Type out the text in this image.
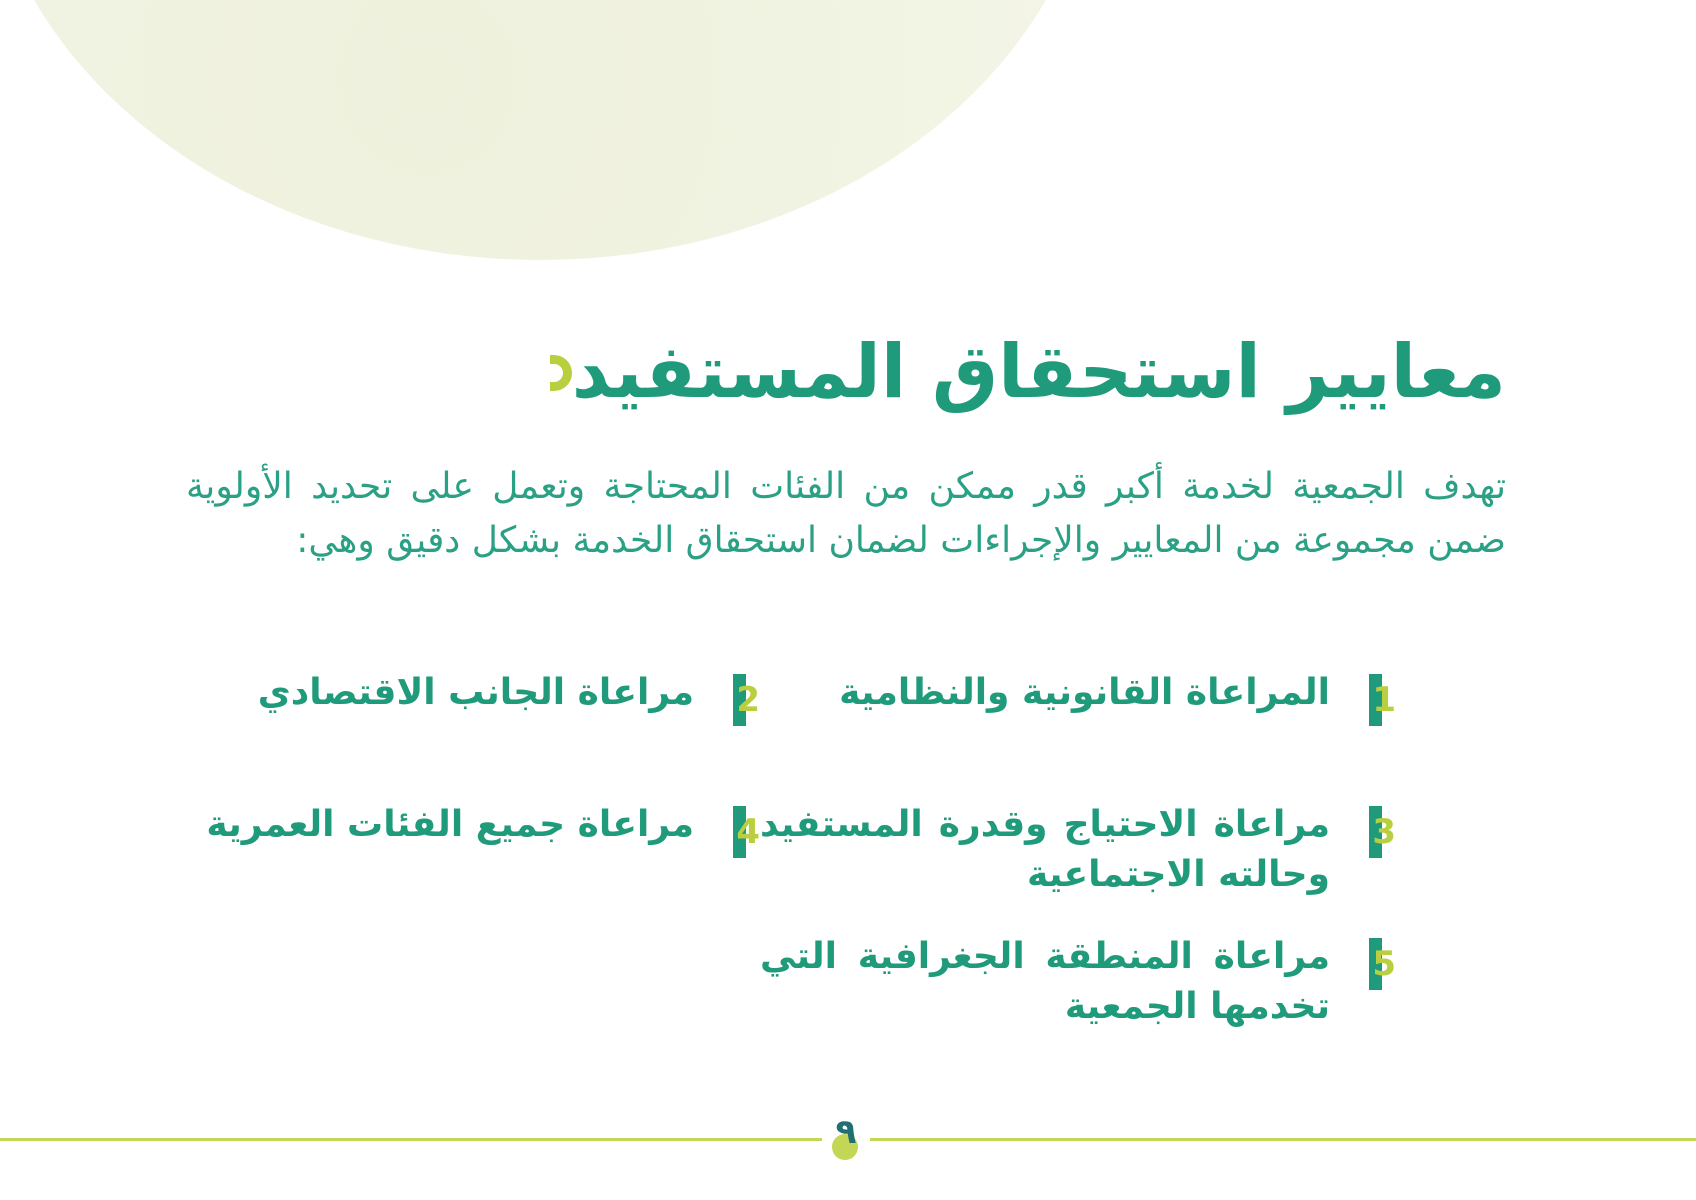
معايير استحقاق المستفيد

تهدف الجمعية لخدمة أكبر قدر ممكن من الفئات المحتاجة وتعمل على تحديد الأولوية ضمن مجموعة من المعايير والإجراءات لضمان استحقاق الخدمة بشكل دقيق وهي:

1
المراعاة القانونية والنظامية
2
مراعاة الجانب الاقتصادي
3
مراعاة الاحتياج وقدرة المستفيد وحالته الاجتماعية
4
مراعاة جميع الفئات العمرية
5
مراعاة المنطقة الجغرافية التي تخدمها الجمعية
٩
